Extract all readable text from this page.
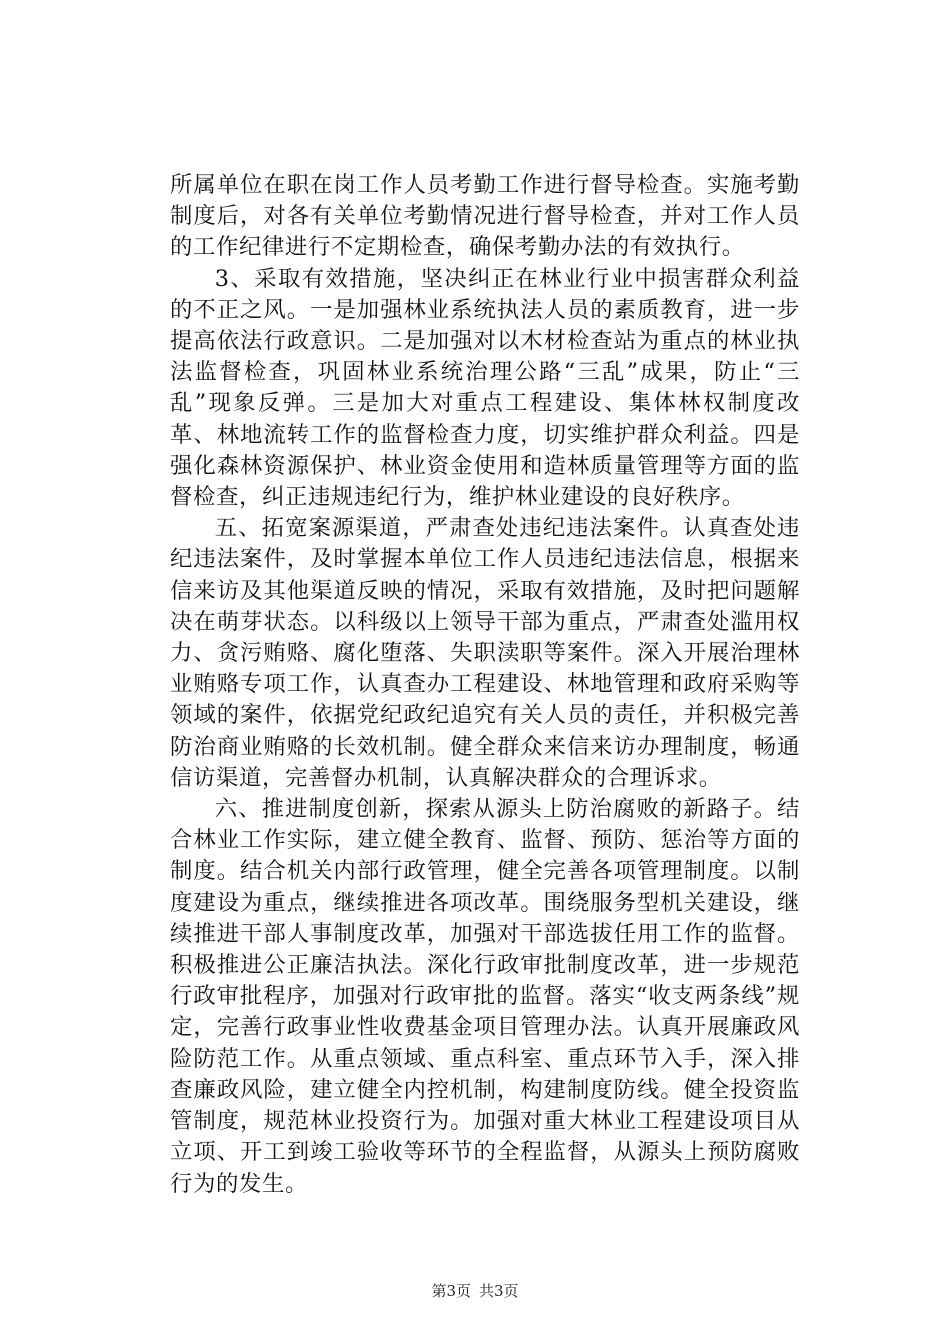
所属单位在职在岗工作人员考勤工作进行督导检查。实施考勤制度后，对各有关单位考勤情况进行督导检查，并对工作人员的工作纪律进行不定期检查，确保考勤办法的有效执行。

3、采取有效措施，坚决纠正在林业行业中损害群众利益的不正之风。一是加强林业系统执法人员的素质教育，进一步提高依法行政意识。二是加强对以木材检查站为重点的林业执法监督检查，巩固林业系统治理公路“三乱”成果，防止“三乱”现象反弹。三是加大对重点工程建设、集体林权制度改革、林地流转工作的监督检查力度，切实维护群众利益。四是强化森林资源保护、林业资金使用和造林质量管理等方面的监督检查，纠正违规违纪行为，维护林业建设的良好秩序。

五、拓宽案源渠道，严肃查处违纪违法案件。认真查处违纪违法案件，及时掌握本单位工作人员违纪违法信息，根据来信来访及其他渠道反映的情况，采取有效措施，及时把问题解决在萌芽状态。以科级以上领导干部为重点，严肃查处滥用权力、贪污贿赂、腐化堕落、失职渎职等案件。深入开展治理林业贿赂专项工作，认真查办工程建设、林地管理和政府采购等领域的案件，依据党纪政纪追究有关人员的责任，并积极完善防治商业贿赂的长效机制。健全群众来信来访办理制度，畅通信访渠道，完善督办机制，认真解决群众的合理诉求。

六、推进制度创新，探索从源头上防治腐败的新路子。结合林业工作实际，建立健全教育、监督、预防、惩治等方面的制度。结合机关内部行政管理，健全完善各项管理制度。以制度建设为重点，继续推进各项改革。围绕服务型机关建设，继续推进干部人事制度改革，加强对干部选拔任用工作的监督。积极推进公正廉洁执法。深化行政审批制度改革，进一步规范行政审批程序，加强对行政审批的监督。落实“收支两条线”规定，完善行政事业性收费基金项目管理办法。认真开展廉政风险防范工作。从重点领域、重点科室、重点环节入手，深入排查廉政风险，建立健全内控机制，构建制度防线。健全投资监管制度，规范林业投资行为。加强对重大林业工程建设项目从立项、开工到竣工验收等环节的全程监督，从源头上预防腐败行为的发生。

第3页 共3页
